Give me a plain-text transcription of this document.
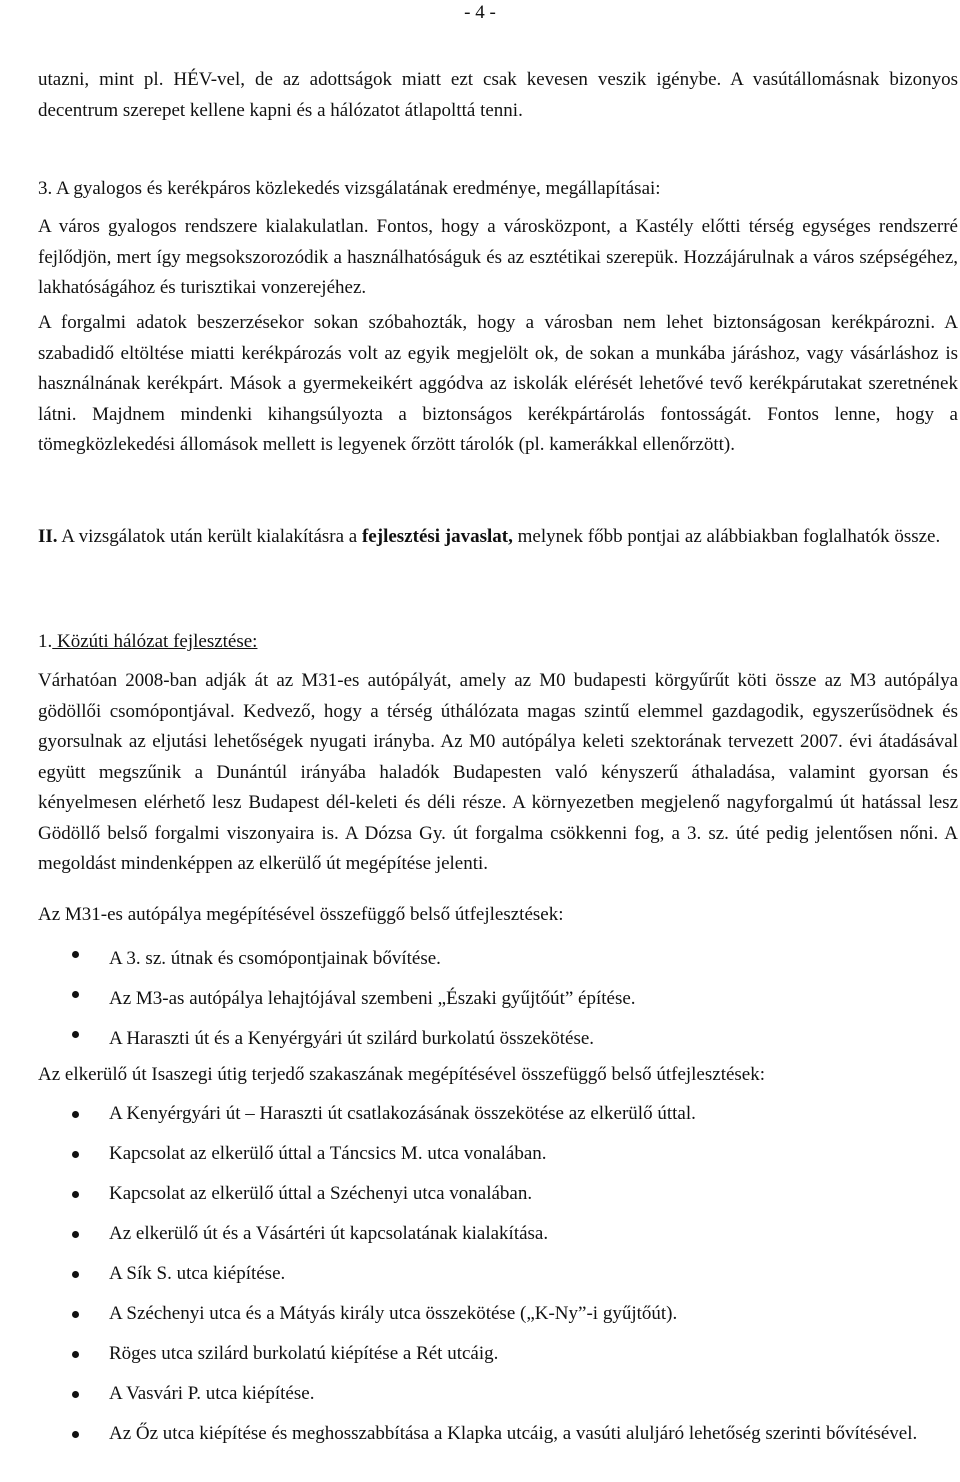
- 4 -

utazni, mint pl. HÉV-vel, de az adottságok miatt ezt csak kevesen veszik igénybe. A vasútállomásnak bizonyos decentrum szerepet kellene kapni és a hálózatot átlapolttá tenni.

3. A gyalogos és kerékpáros közlekedés vizsgálatának eredménye, megállapításai:

A város gyalogos rendszere kialakulatlan. Fontos, hogy a városközpont, a Kastély előtti térség egységes rendszerré fejlődjön, mert így megsokszorozódik a használhatóságuk és az esztétikai szerepük. Hozzájárulnak a város szépségéhez, lakhatóságához és turisztikai vonzerejéhez.

A forgalmi adatok beszerzésekor sokan szóbahozták, hogy a városban nem lehet biztonságosan kerékpározni. A szabadidő eltöltése miatti kerékpározás volt az egyik megjelölt ok, de sokan a munkába járáshoz, vagy vásárláshoz is használnának kerékpárt. Mások a gyermekeikért aggódva az iskolák elérését lehetővé tevő kerékpárutakat szeretnének látni. Majdnem mindenki kihangsúlyozta a biztonságos kerékpártárolás fontosságát. Fontos lenne, hogy a tömegközlekedési állomások mellett is legyenek őrzött tárolók (pl. kamerákkal ellenőrzött).

II. A vizsgálatok után került kialakításra a fejlesztési javaslat, melynek főbb pontjai az alábbiakban foglalhatók össze.

1. Közúti hálózat fejlesztése:

Várhatóan 2008-ban adják át az M31-es autópályát, amely az M0 budapesti körgyűrűt köti össze az M3 autópálya gödöllői csomópontjával. Kedvező, hogy a térség úthálózata magas szintű elemmel gazdagodik, egyszerűsödnek és gyorsulnak az eljutási lehetőségek nyugati irányba. Az M0 autópálya keleti szektorának tervezett 2007. évi átadásával együtt megszűnik a Dunántúl irányába haladók Budapesten való kényszerű áthaladása, valamint gyorsan és kényelmesen elérhető lesz Budapest dél-keleti és déli része. A környezetben megjelenő nagyforgalmú út hatással lesz Gödöllő belső forgalmi viszonyaira is. A Dózsa Gy. út forgalma csökkenni fog, a 3. sz. úté pedig jelentősen nőni. A megoldást mindenképpen az elkerülő út megépítése jelenti.

Az M31-es autópálya megépítésével összefüggő belső útfejlesztések:

A 3. sz. útnak és csomópontjainak bővítése.
Az M3-as autópálya lehajtójával szembeni „Északi gyűjtőút” építése.
A Haraszti út és a Kenyérgyári út szilárd burkolatú összekötése.

Az elkerülő út Isaszegi útig terjedő szakaszának megépítésével összefüggő belső útfejlesztések:

A Kenyérgyári út – Haraszti út csatlakozásának összekötése az elkerülő úttal.
Kapcsolat az elkerülő úttal a Táncsics M. utca vonalában.
Kapcsolat az elkerülő úttal a Széchenyi utca vonalában.
Az elkerülő út és a Vásártéri út kapcsolatának kialakítása.
A Sík S. utca kiépítése.
A Széchenyi utca és a Mátyás király utca összekötése („K-Ny”-i gyűjtőút).
Röges utca szilárd burkolatú kiépítése a Rét utcáig.
A Vasvári P. utca kiépítése.
Az Őz utca kiépítése és meghosszabbítása a Klapka utcáig, a vasúti aluljáró lehetőség szerinti bővítésével.
